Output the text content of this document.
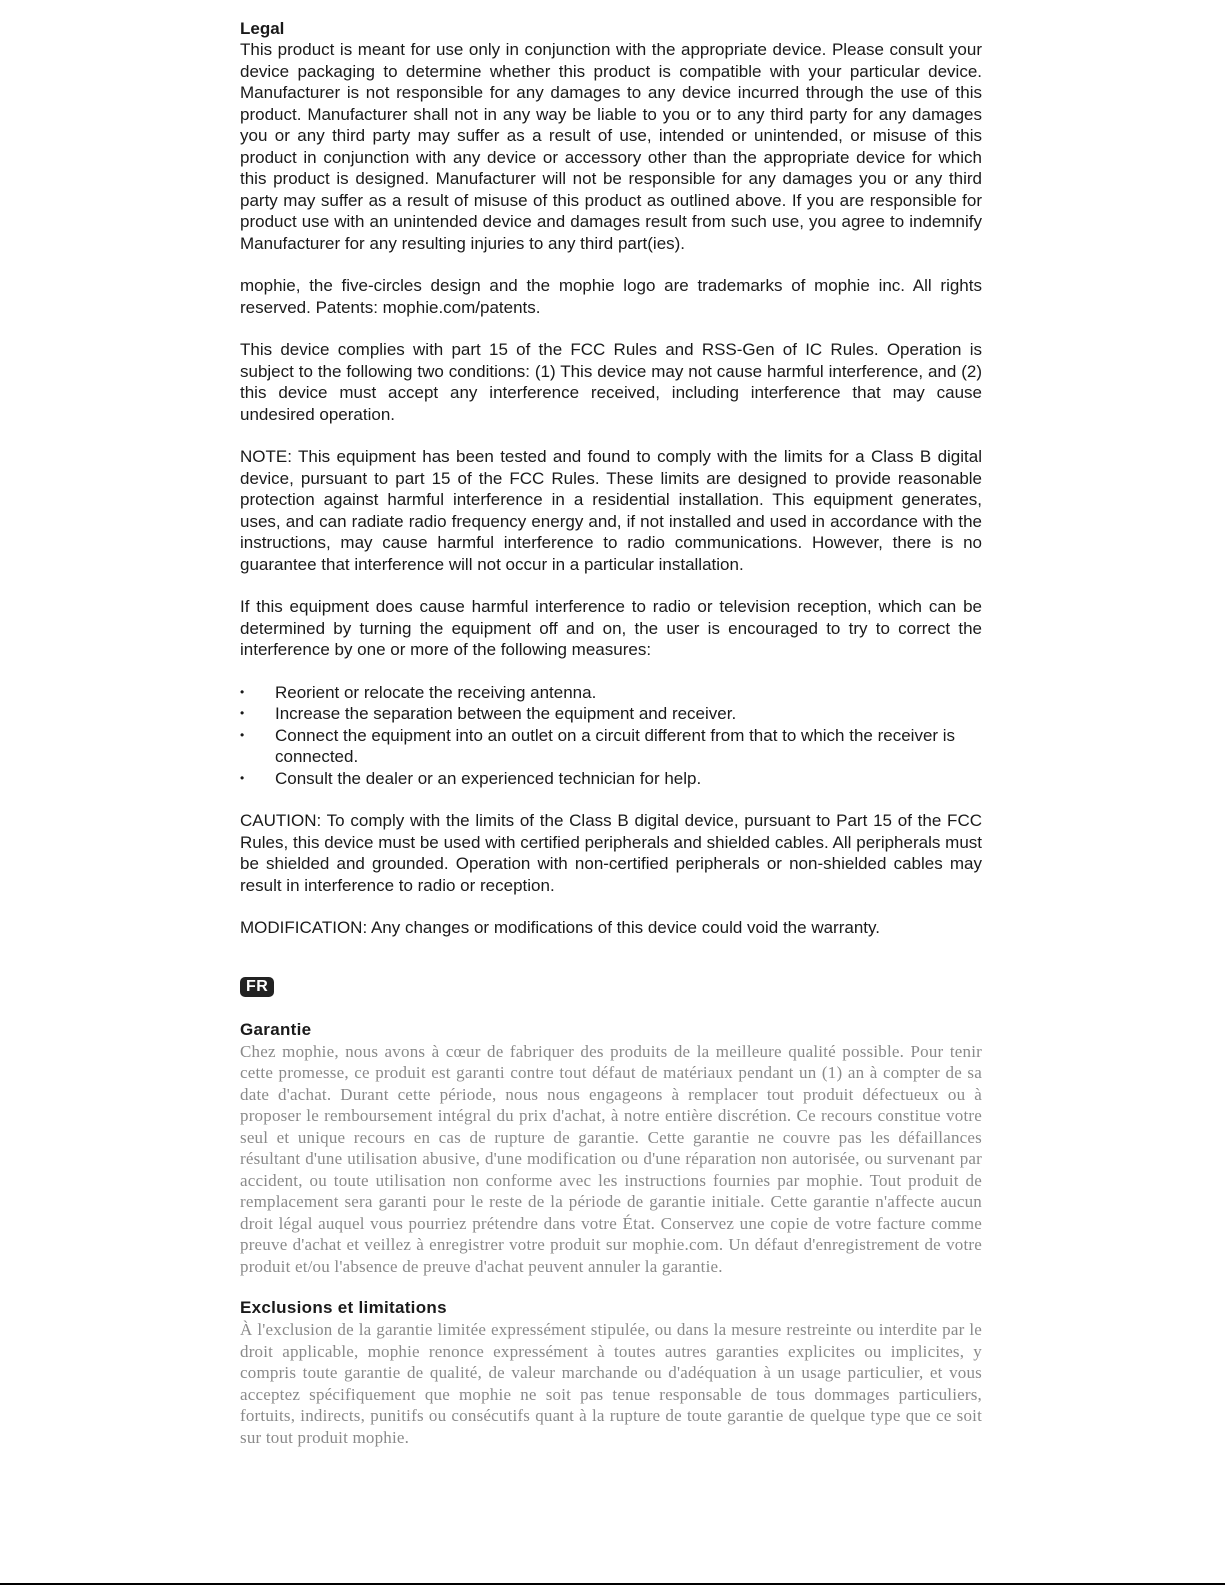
Legal

This product is meant for use only in conjunction with the appropriate device. Please consult your device packaging to determine whether this product is compatible with your particular device. Manufacturer is not responsible for any damages to any device incurred through the use of this product. Manufacturer shall not in any way be liable to you or to any third party for any damages you or any third party may suffer as a result of use, intended or unintended, or misuse of this product in conjunction with any device or accessory other than the appropriate device for which this product is designed. Manufacturer will not be responsible for any damages you or any third party may suffer as a result of misuse of this product as outlined above. If you are responsible for product use with an unintended device and damages result from such use, you agree to indemnify Manufacturer for any resulting injuries to any third part(ies).

mophie, the five-circles design and the mophie logo are trademarks of mophie inc. All rights reserved. Patents: mophie.com/patents.

This device complies with part 15 of the FCC Rules and RSS-Gen of IC Rules. Operation is subject to the following two conditions: (1) This device may not cause harmful interference, and (2) this device must accept any interference received, including interference that may cause undesired operation.

NOTE: This equipment has been tested and found to comply with the limits for a Class B digital device, pursuant to part 15 of the FCC Rules. These limits are designed to provide reasonable protection against harmful interference in a residential installation. This equipment generates, uses, and can radiate radio frequency energy and, if not installed and used in accordance with the instructions, may cause harmful interference to radio communications. However, there is no guarantee that interference will not occur in a particular installation.

If this equipment does cause harmful interference to radio or television reception, which can be determined by turning the equipment off and on, the user is encouraged to try to correct the interference by one or more of the following measures:

• Reorient or relocate the receiving antenna.
• Increase the separation between the equipment and receiver.
• Connect the equipment into an outlet on a circuit different from that to which the receiver is connected.
• Consult the dealer or an experienced technician for help.

CAUTION: To comply with the limits of the Class B digital device, pursuant to Part 15 of the FCC Rules, this device must be used with certified peripherals and shielded cables. All peripherals must be shielded and grounded. Operation with non-certified peripherals or non-shielded cables may result in interference to radio or reception.

MODIFICATION: Any changes or modifications of this device could void the warranty.

FR
Garantie

Chez mophie, nous avons à cœur de fabriquer des produits de la meilleure qualité possible. Pour tenir cette promesse, ce produit est garanti contre tout défaut de matériaux pendant un (1) an à compter de sa date d'achat. Durant cette période, nous nous engageons à remplacer tout produit défectueux ou à proposer le remboursement intégral du prix d'achat, à notre entière discrétion. Ce recours constitue votre seul et unique recours en cas de rupture de garantie. Cette garantie ne couvre pas les défaillances résultant d'une utilisation abusive, d'une modification ou d'une réparation non autorisée, ou survenant par accident, ou toute utilisation non conforme avec les instructions fournies par mophie. Tout produit de remplacement sera garanti pour le reste de la période de garantie initiale. Cette garantie n'affecte aucun droit légal auquel vous pourriez prétendre dans votre État. Conservez une copie de votre facture comme preuve d'achat et veillez à enregistrer votre produit sur mophie.com. Un défaut d'enregistrement de votre produit et/ou l'absence de preuve d'achat peuvent annuler la garantie.

Exclusions et limitations

À l'exclusion de la garantie limitée expressément stipulée, ou dans la mesure restreinte ou interdite par le droit applicable, mophie renonce expressément à toutes autres garanties explicites ou implicites, y compris toute garantie de qualité, de valeur marchande ou d'adéquation à un usage particulier, et vous acceptez spécifiquement que mophie ne soit pas tenue responsable de tous dommages particuliers, fortuits, indirects, punitifs ou consécutifs quant à la rupture de toute garantie de quelque type que ce soit sur tout produit mophie.
